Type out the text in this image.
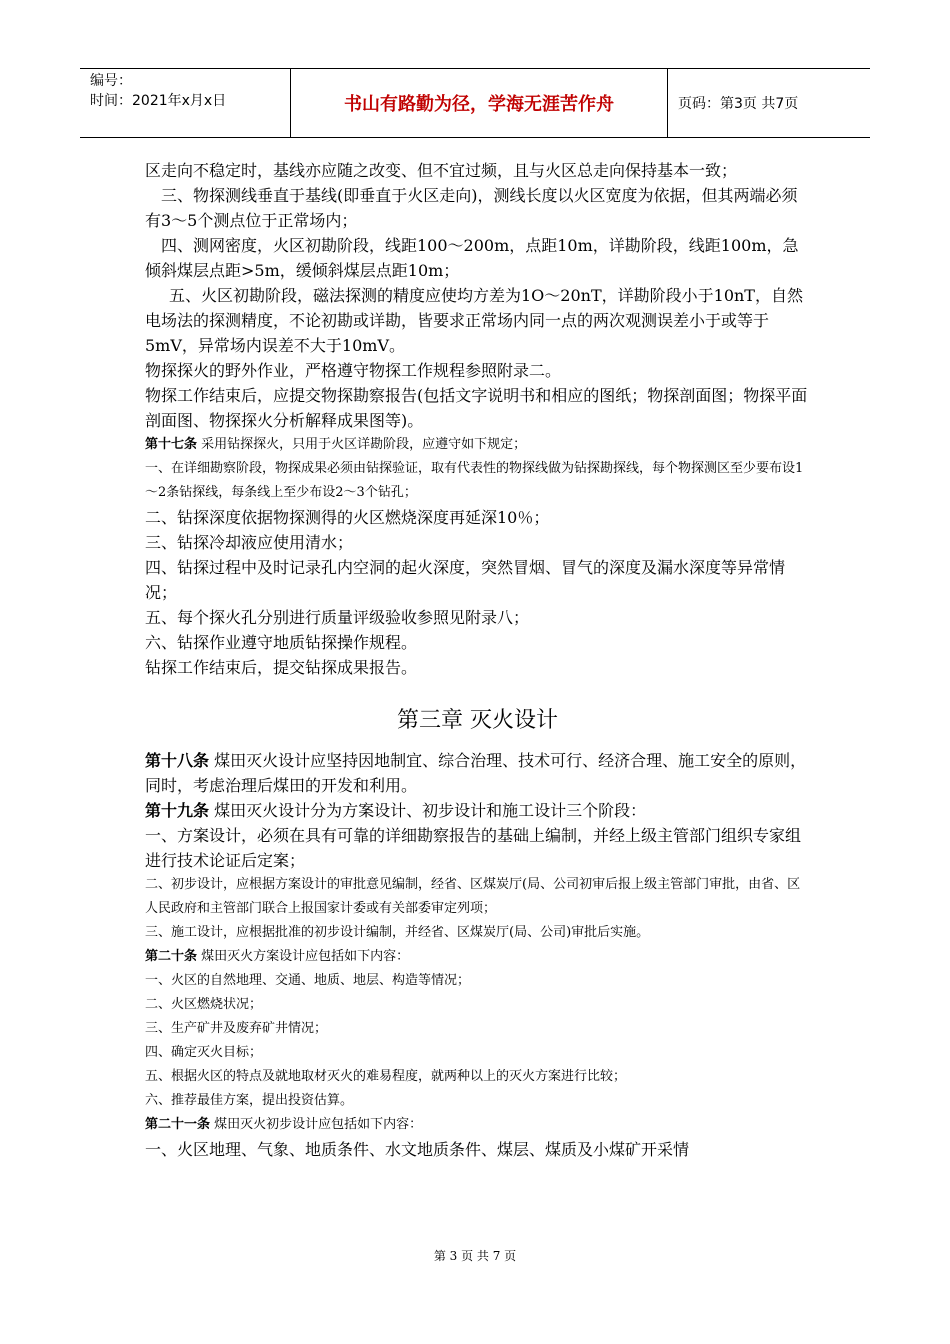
编号：
时间：2021年x月x日	书山有路勤为径，学海无涯苦作舟	页码：第3页 共7页

区走向不稳定时，基线亦应随之改变、但不宜过频，且与火区总走向保持基本一致；

三、物探测线垂直于基线(即垂直于火区走向)，测线长度以火区宽度为依据，但其两端必须有3～5个测点位于正常场内；

四、测网密度，火区初勘阶段，线距100～200m，点距10m，详勘阶段，线距100m，急倾斜煤层点距>5m，缓倾斜煤层点距10m；

五、火区初勘阶段，磁法探测的精度应使均方差为1O～20nT，详勘阶段小于10nT，自然电场法的探测精度，不论初勘或详勘，皆要求正常场内同一点的两次观测误差小于或等于5mV，异常场内误差不大于10mV。

物探探火的野外作业，严格遵守物探工作规程参照附录二。

物探工作结束后，应提交物探勘察报告(包括文字说明书和相应的图纸；物探剖面图；物探平面剖面图、物探探火分析解释成果图等)。

第十七条 采用钻探探火，只用于火区详勘阶段，应遵守如下规定；

一、在详细勘察阶段，物探成果必须由钻探验证，取有代表性的物探线做为钻探勘探线，每个物探测区至少要布设1～2条钻探线，每条线上至少布设2～3个钻孔；

二、钻探深度依据物探测得的火区燃烧深度再延深10％；

三、钻探冷却液应使用清水；

四、钻探过程中及时记录孔内空洞的起火深度，突然冒烟、冒气的深度及漏水深度等异常情况；

五、每个探火孔分别进行质量评级验收参照见附录八；

六、钻探作业遵守地质钻探操作规程。

钻探工作结束后，提交钻探成果报告。

第三章 灭火设计

第十八条 煤田灭火设计应坚持因地制宜、综合治理、技术可行、经济合理、施工安全的原则，同时，考虑治理后煤田的开发和利用。

第十九条 煤田灭火设计分为方案设计、初步设计和施工设计三个阶段：

一、方案设计，必须在具有可靠的详细勘察报告的基础上编制，并经上级主管部门组织专家组进行技术论证后定案；

二、初步设计，应根据方案设计的审批意见编制，经省、区煤炭厅(局、公司初审后报上级主管部门审批，由省、区人民政府和主管部门联合上报国家计委或有关部委审定列项；

三、施工设计，应根据批准的初步设计编制，并经省、区煤炭厅(局、公司)审批后实施。

第二十条 煤田灭火方案设计应包括如下内容：

一、火区的自然地理、交通、地质、地层、构造等情况；

二、火区燃烧状况；

三、生产矿井及废弃矿井情况；

四、确定灭火目标；

五、根据火区的特点及就地取材灭火的难易程度，就两种以上的灭火方案进行比较；

六、推荐最佳方案，提出投资估算。

第二十一条 煤田灭火初步设计应包括如下内容：

一、火区地理、气象、地质条件、水文地质条件、煤层、煤质及小煤矿开采情

第 3 页 共 7 页
